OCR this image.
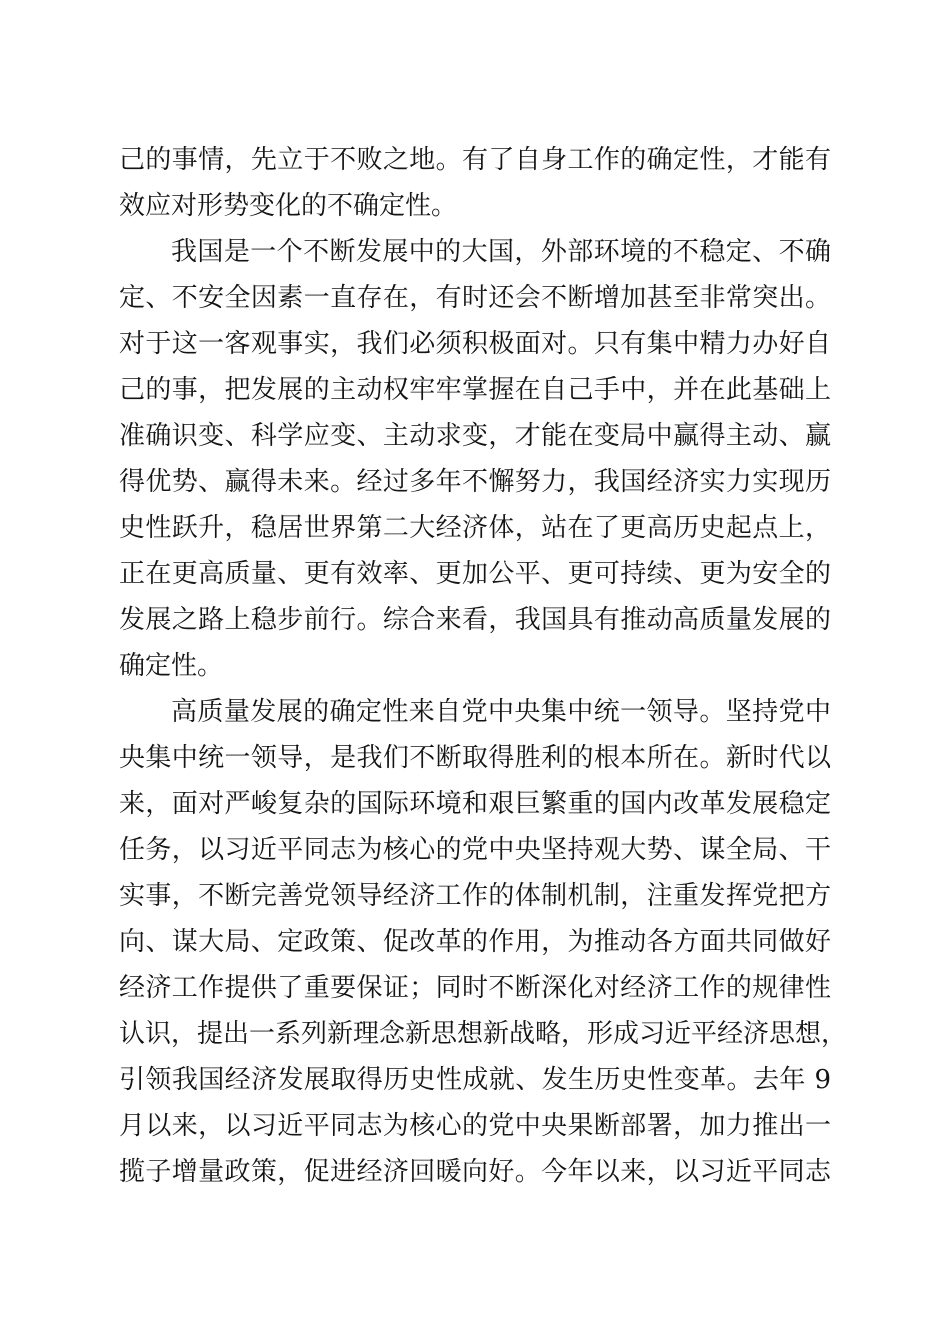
己的事情，先立于不败之地。有了自身工作的确定性，才能有
效应对形势变化的不确定性。
我国是一个不断发展中的大国，外部环境的不稳定、不确
定、不安全因素一直存在，有时还会不断增加甚至非常突出。
对于这一客观事实，我们必须积极面对。只有集中精力办好自
己的事，把发展的主动权牢牢掌握在自己手中，并在此基础上
准确识变、科学应变、主动求变，才能在变局中赢得主动、赢
得优势、赢得未来。经过多年不懈努力，我国经济实力实现历
史性跃升，稳居世界第二大经济体，站在了更高历史起点上，
正在更高质量、更有效率、更加公平、更可持续、更为安全的
发展之路上稳步前行。综合来看，我国具有推动高质量发展的
确定性。
高质量发展的确定性来自党中央集中统一领导。坚持党中
央集中统一领导，是我们不断取得胜利的根本所在。新时代以
来，面对严峻复杂的国际环境和艰巨繁重的国内改革发展稳定
任务，以习近平同志为核心的党中央坚持观大势、谋全局、干
实事，不断完善党领导经济工作的体制机制，注重发挥党把方
向、谋大局、定政策、促改革的作用，为推动各方面共同做好
经济工作提供了重要保证；同时不断深化对经济工作的规律性
认识，提出一系列新理念新思想新战略，形成习近平经济思想，
引领我国经济发展取得历史性成就、发生历史性变革。去年 9
月以来，以习近平同志为核心的党中央果断部署，加力推出一
揽子增量政策，促进经济回暖向好。今年以来，以习近平同志
